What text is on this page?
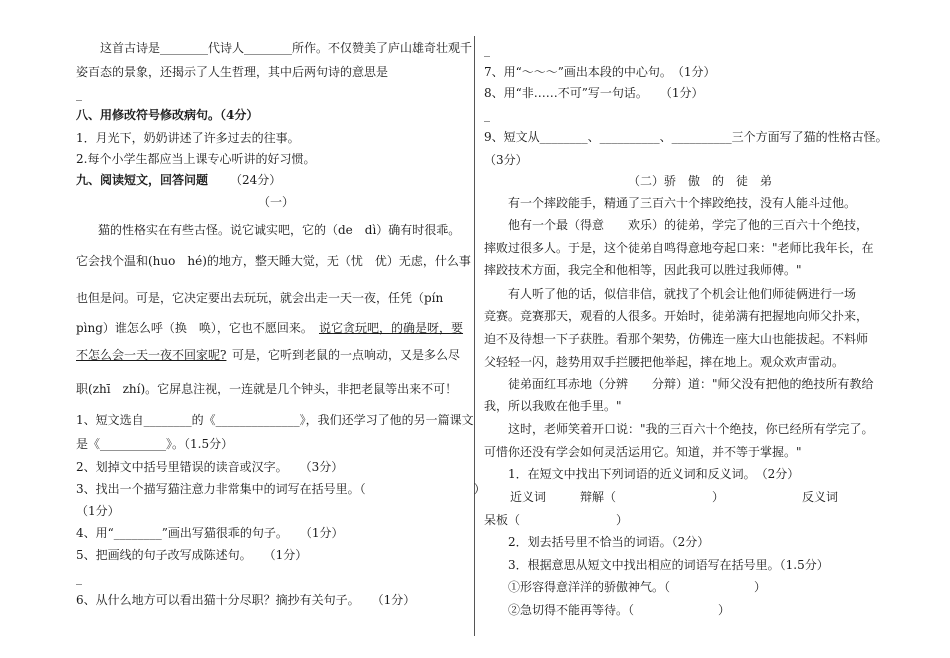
这首古诗是________代诗人________所作。不仅赞美了庐山雄奇壮观千
姿百态的景象，还揭示了人生哲理，其中后两句诗的意思是
_
八、用修改符号修改病句。（4分）
1．月光下，奶奶讲述了许多过去的往事。
2.每个小学生都应当上课专心听讲的好习惯。
九、阅读短文，回答问题 （24分）
（一）
猫的性格实在有些古怪。说它诚实吧，它的（de　dì）确有时很乖。
它会找个温和(huo　hé)的地方，整天睡大觉，无（忧　优）无虑，什么事
也但是问。可是，它决定要出去玩玩，就会出走一天一夜，任凭（pín
pìng）谁怎么呼（换　唤），它也不愿回来。 说它贪玩吧，的确是呀，要
不怎么会一天一夜不回家呢? 可是，它听到老鼠的一点响动，又是多么尽
职(zhī　zhí)。它屏息注视，一连就是几个钟头，非把老鼠等出来不可！
1、短文选自________的《______________》，我们还学习了他的另一篇课文
是《___________》。（1.5分）
2、划掉文中括号里错误的读音或汉字。　　（3分）
3、找出一个描写猫注意力非常集中的词写在括号里。（　　　　　　　　　）
（1分）
4、用“________”画出写猫很乖的句子。　　（1分）
5、把画线的句子改写成陈述句。　　（1分）
_
6、从什么地方可以看出猫十分尽职？摘抄有关句子。　　（1分）
_
7、用“～～～”画出本段的中心句。　（1分）
8、用“非……不可”写一句话。　　（1分）
_
9、短文从________、__________、__________三个方面写了猫的性格古怪。
（3分）
（二）骄　傲　的　徒　弟
有一个摔跤能手，精通了三百六十个摔跤绝技，没有人能斗过他。
他有一个最（得意　　欢乐）的徒弟，学完了他的三百六十个绝技，
摔败过很多人。于是，这个徒弟自鸣得意地夸起口来："老师比我年长，在
摔跤技术方面，我完全和他相等，因此我可以胜过我师傅。"
有人听了他的话，似信非信，就找了个机会让他们师徒俩进行一场
竞赛。竞赛那天，观看的人很多。开始时，徒弟满有把握地向师父扑来，
迫不及待想一下子获胜。看那个架势，仿佛连一座大山也能拔起。不料师
父轻轻一闪，趁势用双手拦腰把他举起，摔在地上。观众欢声雷动。
徒弟面红耳赤地（分辨　　分辩）道："师父没有把他的绝技所有教给
我，所以我败在他手里。"
这时，老师笑着开口说："我的三百六十个绝技，你已经所有学完了。
可惜你还没有学会如何灵活运用它。知道，并不等于掌握。"
1．在短文中找出下列词语的近义词和反义词。　（2分）
近义词	辩解（　　　　　　　　）	反义词
呆板（　　　　　　　　）
2．划去括号里不恰当的词语。（2分）
3．根据意思从短文中找出相应的词语写在括号里。（1.5分）
①形容得意洋洋的骄傲神气。（　　　　　　　）
②急切得不能再等待。（　　　　　　　）
